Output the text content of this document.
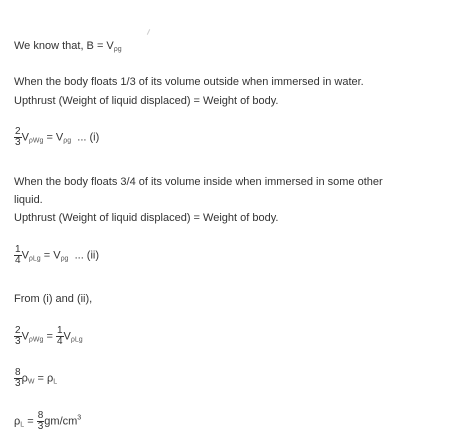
We know that, $B = V_{\rho g}$
When the body floats 1/3 of its volume outside when immersed in water.
Upthrust (Weight of liquid displaced) = Weight of body.
$\frac{2}{3} V_{\rho Wg} = V_{\rho g}$ ... (i)
When the body floats 3/4 of its volume inside when immersed in some other
liquid.
Upthrust (Weight of liquid displaced) = Weight of body.
$\frac{1}{4} V_{\rho Lg} = V_{\rho g}$ ... (ii)
From (i) and (ii),
$\frac{2}{3} V_{\rho Wg} = \frac{1}{4} V_{\rho Lg}$
$\frac{8}{3} \rho_W = \rho_L$
$\rho_L = \frac{8}{3} gm/cm^3$
